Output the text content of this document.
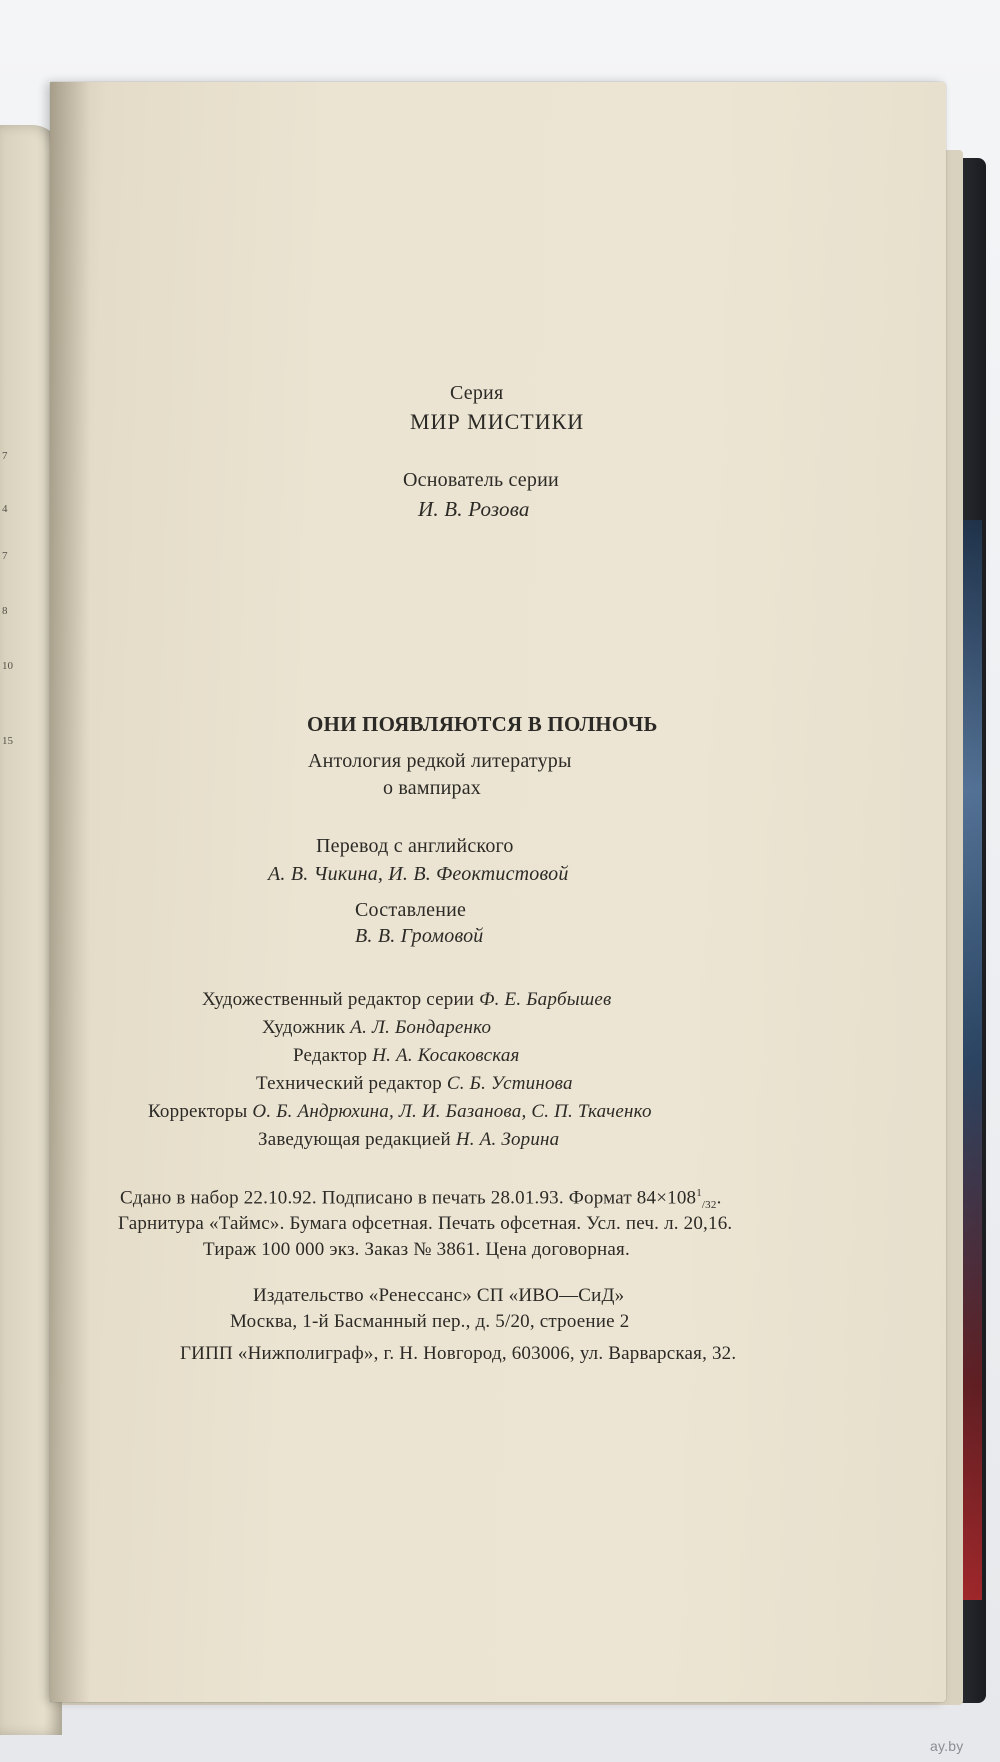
7
4
7
8
10
15
Серия
МИР МИСТИКИ
Основатель серии
И. В. Розова
ОНИ ПОЯВЛЯЮТСЯ В ПОЛНОЧЬ
Антология редкой литературы
о вампирах
Перевод с английского
А. В. Чикина, И. В. Феоктистовой
Составление
В. В. Громовой
Художественный редактор серии Ф. Е. Барбышев
Художник А. Л. Бондаренко
Редактор Н. А. Косаковская
Технический редактор С. Б. Устинова
Корректоры О. Б. Андрюхина, Л. И. Базанова, С. П. Ткаченко
Заведующая редакцией Н. А. Зорина
Сдано в набор 22.10.92. Подписано в печать 28.01.93. Формат $84\times 108^1_{/32}$.
Гарнитура «Таймс». Бумага офсетная. Печать офсетная. Усл. печ. л. 20,16.
Тираж 100 000 экз. Заказ № 3861. Цена договорная.
Издательство «Ренессанс» СП «ИВО—СиД»
Москва, 1-й Басманный пер., д. 5/20, строение 2
ГИПП «Нижполиграф», г. Н. Новгород, 603006, ул. Варварская, 32.
ay.by
